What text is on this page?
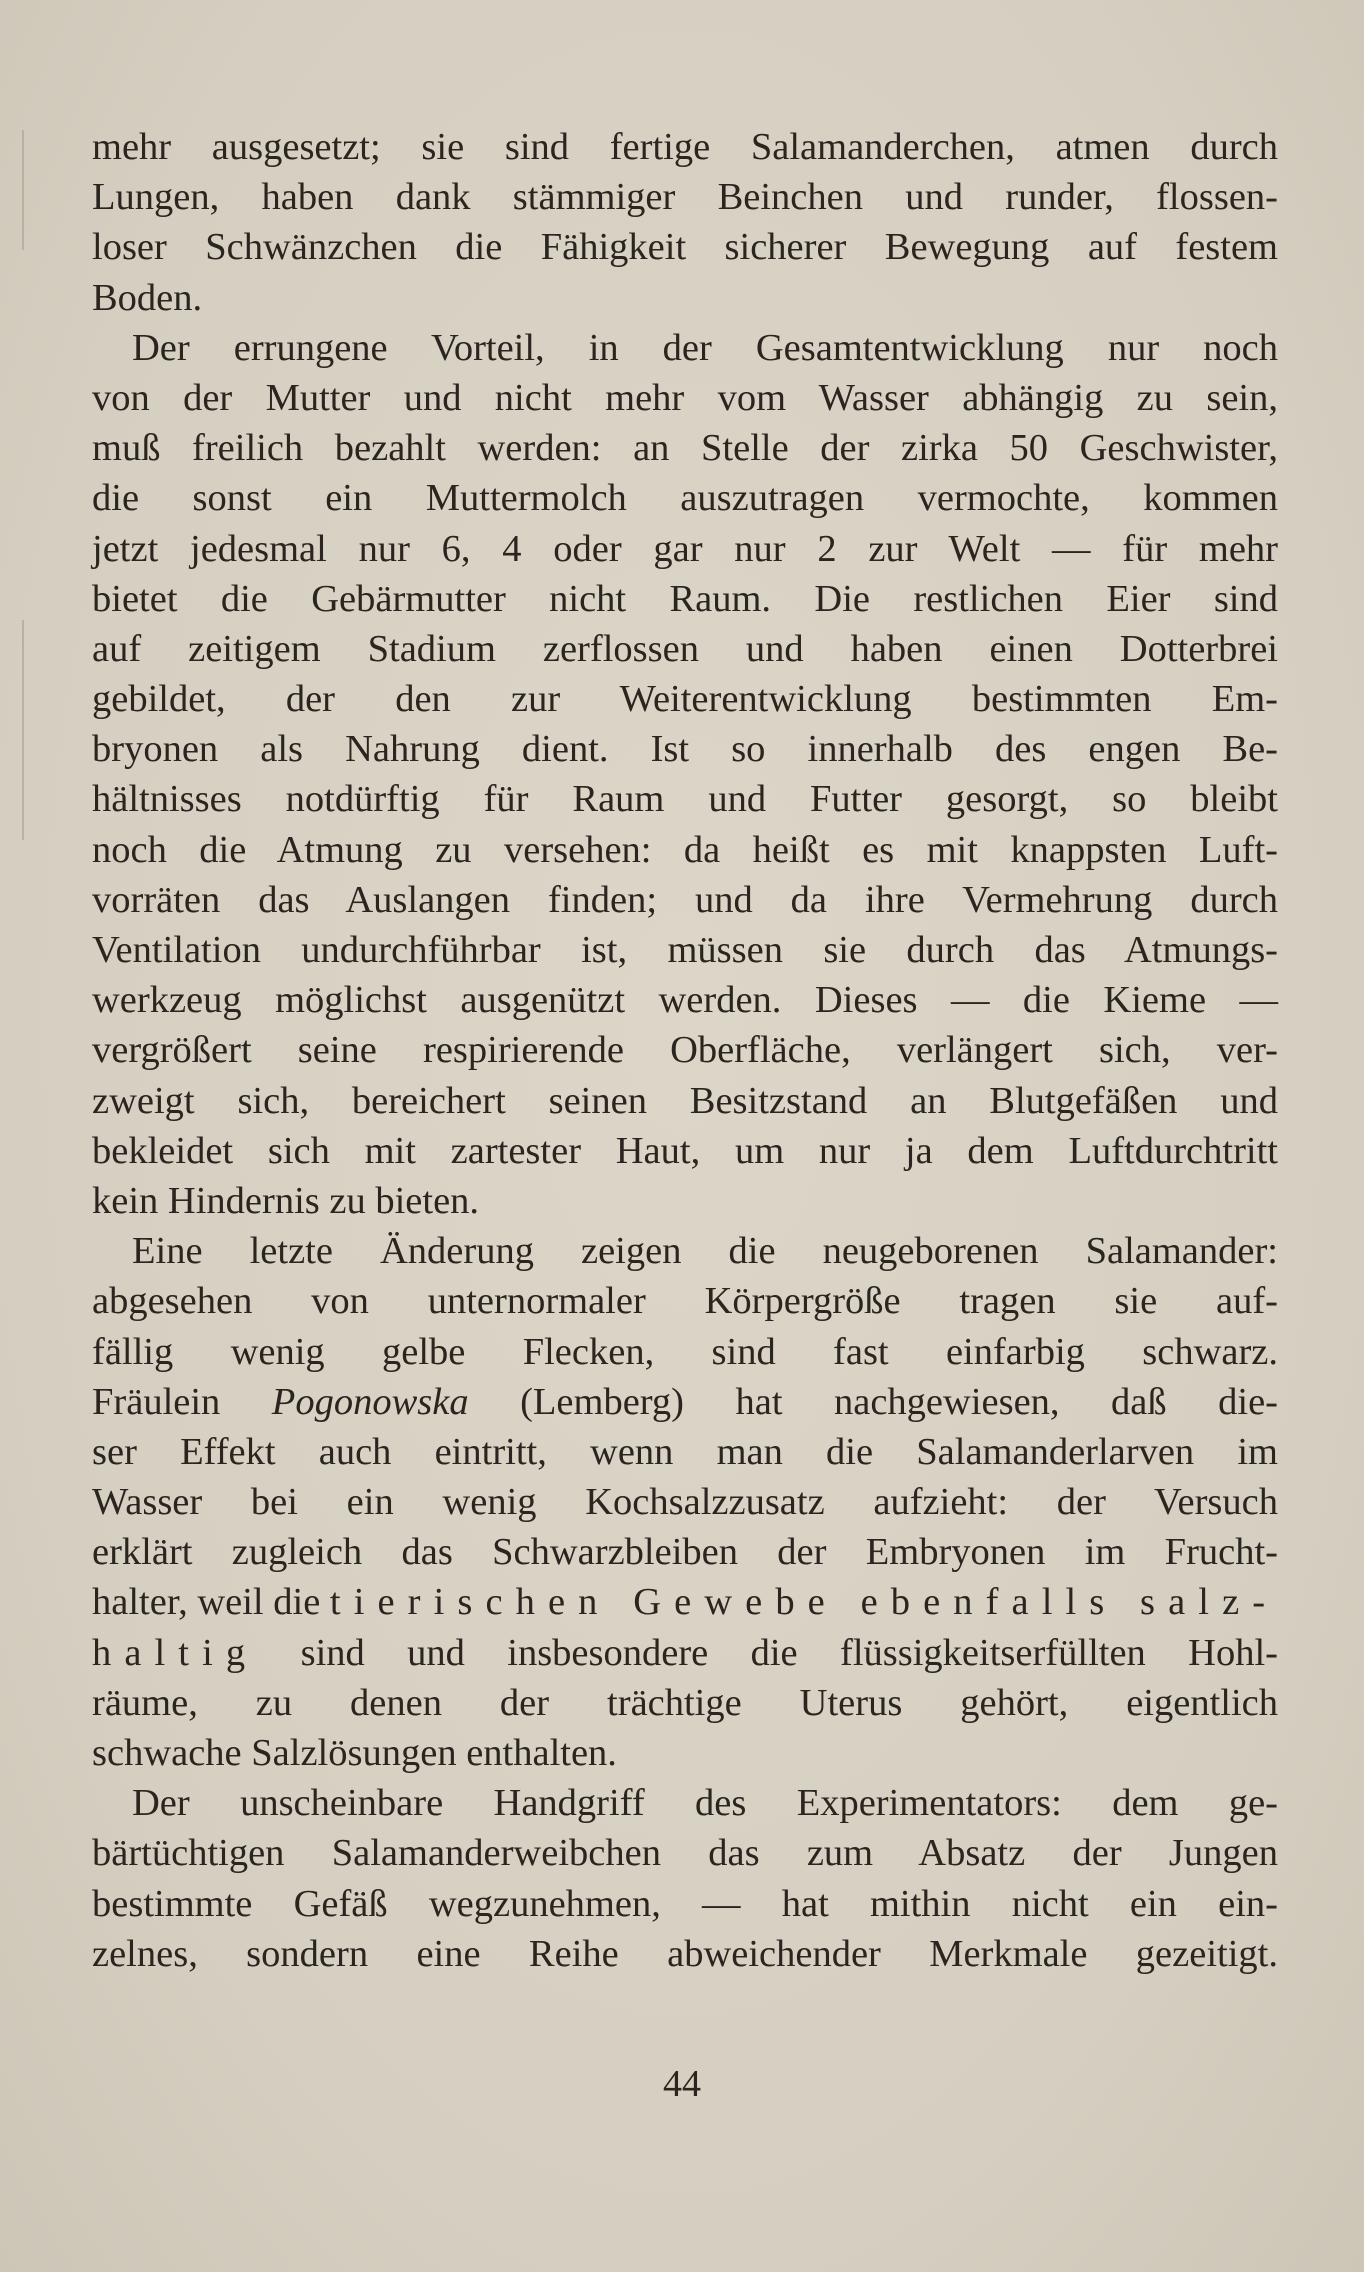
mehr ausgesetzt; sie sind fertige Salamanderchen, atmen durch
Lungen, haben dank stämmiger Beinchen und runder, flossen-
loser Schwänzchen die Fähigkeit sicherer Bewegung auf festem
Boden.
Der errungene Vorteil, in der Gesamtentwicklung nur noch
von der Mutter und nicht mehr vom Wasser abhängig zu sein,
muß freilich bezahlt werden: an Stelle der zirka 50 Geschwister,
die sonst ein Muttermolch auszutragen vermochte, kommen
jetzt jedesmal nur 6, 4 oder gar nur 2 zur Welt — für mehr
bietet die Gebärmutter nicht Raum. Die restlichen Eier sind
auf zeitigem Stadium zerflossen und haben einen Dotterbrei
gebildet, der den zur Weiterentwicklung bestimmten Em-
bryonen als Nahrung dient. Ist so innerhalb des engen Be-
hältnisses notdürftig für Raum und Futter gesorgt, so bleibt
noch die Atmung zu versehen: da heißt es mit knappsten Luft-
vorräten das Auslangen finden; und da ihre Vermehrung durch
Ventilation undurchführbar ist, müssen sie durch das Atmungs-
werkzeug möglichst ausgenützt werden. Dieses — die Kieme —
vergrößert seine respirierende Oberfläche, verlängert sich, ver-
zweigt sich, bereichert seinen Besitzstand an Blutgefäßen und
bekleidet sich mit zartester Haut, um nur ja dem Luftdurchtritt
kein Hindernis zu bieten.
Eine letzte Änderung zeigen die neugeborenen Salamander:
abgesehen von unternormaler Körpergröße tragen sie auf-
fällig wenig gelbe Flecken, sind fast einfarbig schwarz.
Fräulein Pogonowska (Lemberg) hat nachgewiesen, daß die-
ser Effekt auch eintritt, wenn man die Salamanderlarven im
Wasser bei ein wenig Kochsalzzusatz aufzieht: der Versuch
erklärt zugleich das Schwarzbleiben der Embryonen im Frucht-
halter, weil die tierischen Gewebe ebenfalls salz-
haltig sind und insbesondere die flüssigkeitserfüllten Hohl-
räume, zu denen der trächtige Uterus gehört, eigentlich
schwache Salzlösungen enthalten.
Der unscheinbare Handgriff des Experimentators: dem ge-
bärtüchtigen Salamanderweibchen das zum Absatz der Jungen
bestimmte Gefäß wegzunehmen, — hat mithin nicht ein ein-
zelnes, sondern eine Reihe abweichender Merkmale gezeitigt.
44
